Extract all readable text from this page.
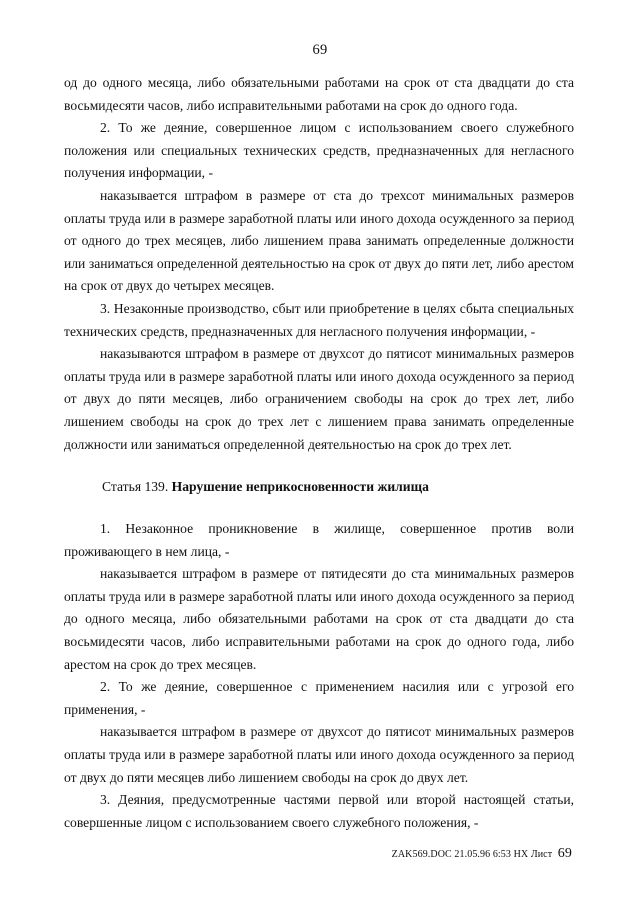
69

од до одного месяца, либо обязательными работами на срок от ста двадцати до ста восьмидесяти часов, либо исправительными работами на срок до одного года.

2. То же деяние, совершенное лицом с использованием своего служебного положения или специальных технических средств, предназначенных для негласного получения информации, -

наказывается штрафом в размере от ста до трехсот минимальных размеров оплаты труда или в размере заработной платы или иного дохода осужденного за период от одного до трех месяцев, либо лишением права занимать определенные должности или заниматься определенной деятельностью на срок от двух до пяти лет, либо арестом на срок от двух до четырех месяцев.

3. Незаконные производство, сбыт или приобретение в целях сбыта специальных технических средств, предназначенных для негласного получения информации, -

наказываются штрафом в размере от двухсот до пятисот минимальных размеров оплаты труда или в размере заработной платы или иного дохода осужденного за период от двух до пяти месяцев, либо ограничением свободы на срок до трех лет, либо лишением свободы на срок до трех лет с лишением права занимать определенные должности или заниматься определенной деятельностью на срок до трех лет.

Статья 139. Нарушение неприкосновенности жилища

1. Незаконное проникновение в жилище, совершенное против воли проживающего в нем лица, -

наказывается штрафом в размере от пятидесяти до ста минимальных размеров оплаты труда или в размере заработной платы или иного дохода осужденного за период до одного месяца, либо обязательными работами на срок от ста двадцати до ста восьмидесяти часов, либо исправительными работами на срок до одного года, либо арестом на срок до трех месяцев.

2. То же деяние, совершенное с применением насилия или с угрозой его применения, -

наказывается штрафом в размере от двухсот до пятисот минимальных размеров оплаты труда или в размере заработной платы или иного дохода осужденного за период от двух до пяти месяцев либо лишением свободы на срок до двух лет.

3. Деяния, предусмотренные частями первой или второй настоящей статьи, совершенные лицом с использованием своего служебного положения, -

ZAK569.DOC 21.05.96 6:53 НХ Лист 69
